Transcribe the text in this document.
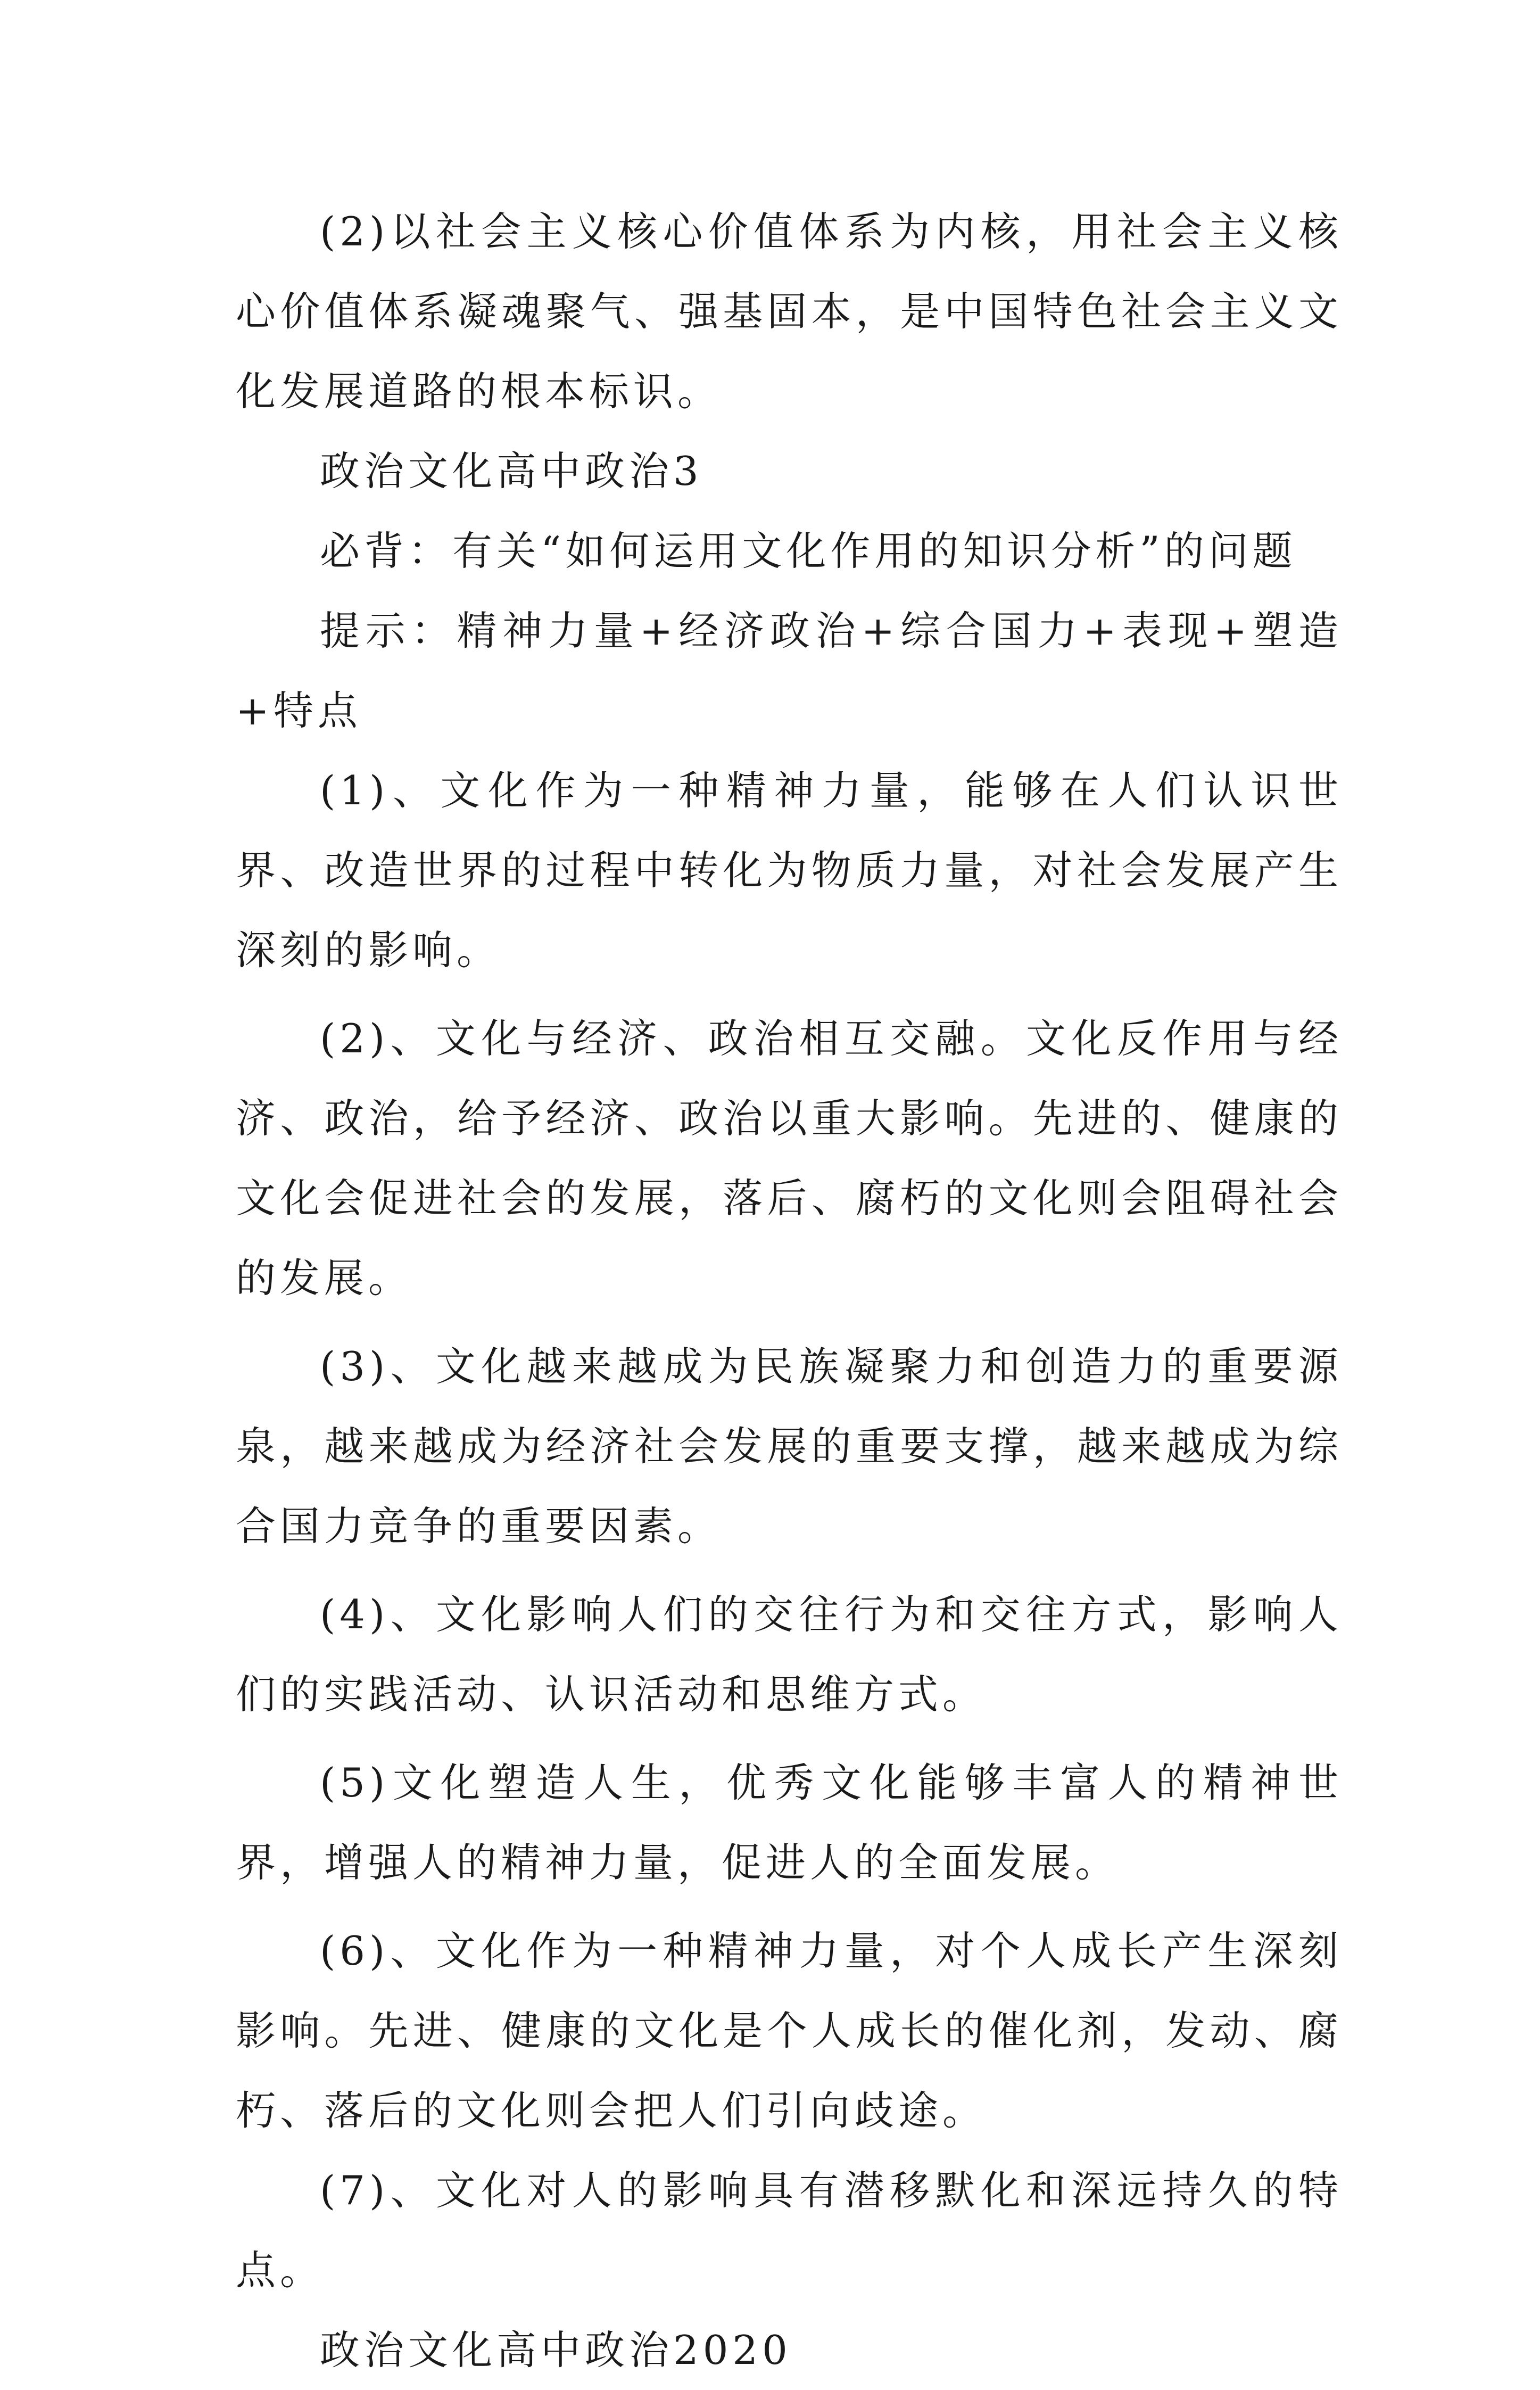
(2)以社会主义核心价值体系为内核，用社会主义核心价值体系凝魂聚气、强基固本，是中国特色社会主义文化发展道路的根本标识。

政治文化高中政治3

必背：有关“如何运用文化作用的知识分析”的问题

提示：精神力量+经济政治+综合国力+表现+塑造+特点

(1)、文化作为一种精神力量，能够在人们认识世界、改造世界的过程中转化为物质力量，对社会发展产生深刻的影响。

(2)、文化与经济、政治相互交融。文化反作用与经济、政治，给予经济、政治以重大影响。先进的、健康的文化会促进社会的发展，落后、腐朽的文化则会阻碍社会的发展。

(3)、文化越来越成为民族凝聚力和创造力的重要源泉，越来越成为经济社会发展的重要支撑，越来越成为综合国力竞争的重要因素。

(4)、文化影响人们的交往行为和交往方式，影响人们的实践活动、认识活动和思维方式。

(5)文化塑造人生，优秀文化能够丰富人的精神世界，增强人的精神力量，促进人的全面发展。

(6)、文化作为一种精神力量，对个人成长产生深刻影响。先进、健康的文化是个人成长的催化剂，发动、腐朽、落后的文化则会把人们引向歧途。

(7)、文化对人的影响具有潜移默化和深远持久的特点。

政治文化高中政治2020
